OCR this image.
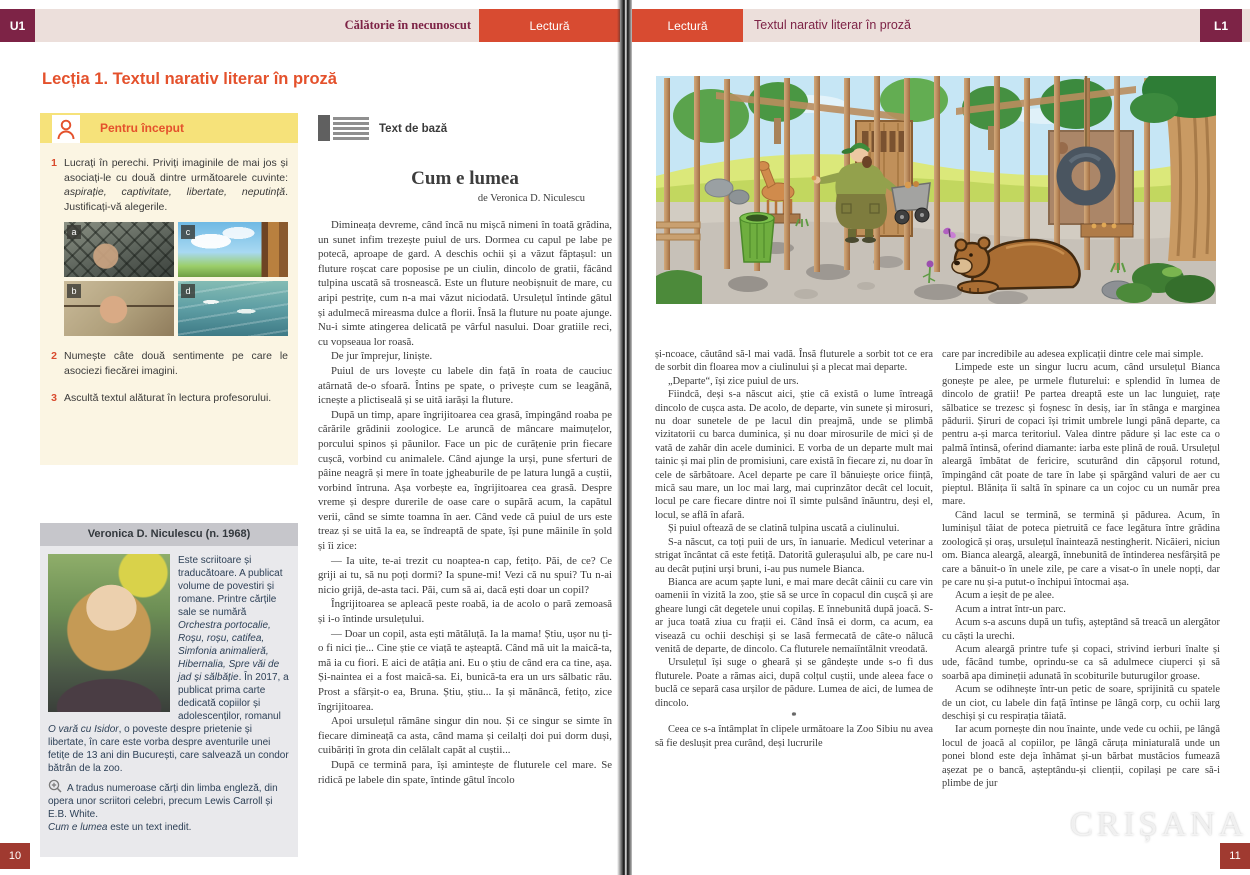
U1	Călătorie în necunoscut	Lectură
Lecția 1. Textul narativ literar în proză
Pentru început
1 Lucrați în perechi. Priviți imaginile de mai jos și asociați-le cu două dintre următoarele cuvinte: aspirație, captivitate, libertate, neputință. Justificați-vă alegerile.

a	c
b	d
2 Numește câte două sentimente pe care le asociezi fiecărei imagini.

3 Ascultă textul alăturat în lectura profesorului.

Veronica D. Niculescu (n. 1968)

Este scriitoare și traducătoare. A publicat volume de povestiri și romane. Printre cărțile sale se numără Orchestra portocalie, Roșu, roșu, catifea, Simfonia animalieră, Hibernalia, Spre văi de jad și sălbăție. În 2017, a publicat prima carte dedicată copiilor și adolescenților, romanul O vară cu Isidor, o poveste despre prietenie și libertate, în care este vorba despre aventurile unei fetițe de 13 ani din București, care salvează un condor bătrân de la zoo.

A tradus numeroase cărți din limba engleză, din opera unor scriitori celebri, precum Lewis Carroll și E.B. White.

Cum e lumea este un text inedit.

10
Text de bază
Cum e lumea
de Veronica D. Niculescu

Dimineața devreme, când încă nu mișcă nimeni în toată grădina, un sunet infim trezește puiul de urs. Dormea cu capul pe labe pe potecă, aproape de gard. A deschis ochii și a văzut făptașul: un fluture roșcat care poposise pe un ciulin, dincolo de gratii, făcând tulpina uscată să trosnească. Este un fluture neobișnuit de mare, cu aripi pestrițe, cum n-a mai văzut niciodată. Ursulețul întinde gâtul și adulmecă mireasma dulce a florii. Însă la fluture nu poate ajunge. Nu-i simte atingerea delicată pe vârful nasului. Doar gratiile reci, cu vopseaua lor roasă.

De jur împrejur, liniște.

Puiul de urs lovește cu labele din față în roata de cauciuc atârnată de-o sfoară. Întins pe spate, o privește cum se leagănă, icnește a plictiseală și se uită iarăși la fluture.

După un timp, apare îngrijitoarea cea grasă, împingând roaba pe cărările grădinii zoologice. Le aruncă de mâncare maimuțelor, porcului spinos și păunilor. Face un pic de curățenie prin fiecare cușcă, vorbind cu animalele. Când ajunge la urși, pune sferturi de pâine neagră și mere în toate jgheaburile de pe latura lungă a cuștii, vorbind întruna. Așa vorbește ea, îngrijitoarea cea grasă. Despre vreme și despre durerile de oase care o supără acum, la capătul verii, când se simte toamna în aer. Când vede că puiul de urs este treaz și se uită la ea, se îndreaptă de spate, își pune mâinile în șold și îi zice:

— Ia uite, te-ai trezit cu noaptea-n cap, fetițo. Păi, de ce? Ce griji ai tu, să nu poți dormi? Ia spune-mi! Vezi că nu spui? Tu n-ai nicio grijă, de-asta taci. Păi, cum să ai, dacă ești doar un copil?

Îngrijitoarea se apleacă peste roabă, ia de acolo o pară zemoasă și i-o întinde ursulețului.

— Doar un copil, asta ești mătăluță. Ia la mama! Știu, ușor nu ți-o fi nici ție... Cine știe ce viață te așteaptă. Când mă uit la maică-ta, mă ia cu fiori. E aici de atâția ani. Eu o știu de când era ca tine, așa. Și-naintea ei a fost maică-sa. Ei, bunică-ta era un urs sălbatic rău. Prost a sfârșit-o ea, Bruna. Știu, știu... Ia și mănâncă, fetițo, zice îngrijitoarea.

Apoi ursulețul rămâne singur din nou. Și ce singur se simte în fiecare dimineață ca asta, când mama și ceilalți doi pui dorm duși, cuibăriți în grota din celălalt capăt al cuștii...

După ce termină para, își amintește de fluturele cel mare. Se ridică pe labele din spate, întinde gâtul încolo

Lectură	Textul narativ literar în proză	L1

și-ncoace, căutând să-l mai vadă. Însă fluturele a sorbit tot ce era de sorbit din floarea mov a ciulinului și a plecat mai departe.

„Departe“, își zice puiul de urs.

Fiindcă, deși s-a născut aici, știe că există o lume întreagă dincolo de cușca asta. De acolo, de departe, vin sunete și mirosuri, nu doar sunetele de pe lacul din preajmă, unde se plimbă vizitatorii cu barca duminica, și nu doar mirosurile de mici și de vată de zahăr din acele duminici. E vorba de un departe mult mai tainic și mai plin de promisiuni, care există în fiecare zi, nu doar în cele de sărbătoare. Acel departe pe care îl bănuiește orice ființă, mică sau mare, un loc mai larg, mai cuprinzător decât cel locuit, locul pe care fiecare dintre noi îl simte pulsând înăuntru, deși el, locul, se află în afară.

Și puiul oftează de se clatină tulpina uscată a ciulinului.

S-a născut, ca toți puii de urs, în ianuarie. Medicul veterinar a strigat încântat că este fetiță. Datorită gulerașului alb, pe care nu-l au decât puțini urși bruni, i-au pus numele Bianca.

Bianca are acum șapte luni, e mai mare decât câinii cu care vin oamenii în vizită la zoo, știe să se urce în copacul din cușcă și are gheare lungi cât degetele unui copilaș. E înnebunită după joacă. S-ar juca toată ziua cu frații ei. Când însă ei dorm, ca acum, ea visează cu ochii deschiși și se lasă fermecată de câte-o nălucă venită de departe, de dincolo. Ca fluturele nemaiîntâlnit vreodată.

Ursulețul își suge o gheară și se gândește unde s-o fi dus fluturele. Poate a rămas aici, după colțul cuștii, unde aleea face o buclă ce separă casa urșilor de pădure. Lumea de aici, de lumea de dincolo.

*

Ceea ce s-a întâmplat în clipele următoare la Zoo Sibiu nu avea să fie deslușit prea curând, deși lucrurile

care par incredibile au adesea explicații dintre cele mai simple.

Limpede este un singur lucru acum, când ursulețul Bianca gonește pe alee, pe urmele fluturelui: e splendid în lumea de dincolo de gratii! Pe partea dreaptă este un lac lunguieț, rațe sălbatice se trezesc și foșnesc în desiș, iar în stânga e marginea pădurii. Șiruri de copaci își trimit umbrele lungi până departe, ca pentru a-și marca teritoriul. Valea dintre pădure și lac este ca o palmă întinsă, oferind diamante: iarba este plină de rouă. Ursulețul aleargă îmbătat de fericire, scuturând din căpșorul rotund, împingând cât poate de tare în labe și spărgând valuri de aer cu pieptul. Blănița îi saltă în spinare ca un cojoc cu un număr prea mare.

Când lacul se termină, se termină și pădurea. Acum, în luminișul tăiat de poteca pietruită ce face legătura între grădina zoologică și oraș, ursulețul înaintează nestingherit. Nicăieri, niciun om. Bianca aleargă, aleargă, înnebunită de întinderea nesfârșită pe care a bănuit-o în unele zile, pe care a visat-o în unele nopți, dar pe care nu și-a putut-o închipui întocmai așa.

Acum a ieșit de pe alee.

Acum a intrat într-un parc.

Acum s-a ascuns după un tufiș, așteptând să treacă un alergător cu căști la urechi.

Acum aleargă printre tufe și copaci, strivind ierburi înalte și ude, făcând tumbe, oprindu-se ca să adulmece ciuperci și să soarbă apa dimineții adunată în scobiturile buturugilor groase.

Acum se odihnește într-un petic de soare, sprijinită cu spatele de un ciot, cu labele din față întinse pe lângă corp, cu ochii larg deschiși și cu respirația tăiată.

Iar acum pornește din nou înainte, unde vede cu ochii, pe lângă locul de joacă al copiilor, pe lângă căruța miniaturală unde un ponei blond este deja înhămat și-un bărbat mustăcios fumează așezat pe o bancă, așteptându-și clienții, copilași pe care să-i plimbe de jur

CRIȘANA
11
